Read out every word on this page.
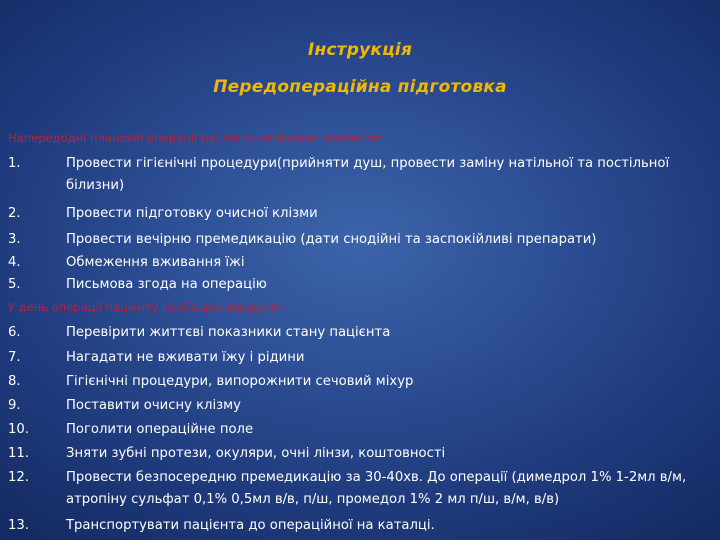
Інструкція
Передопераційна підготовка
Напередодні планової операції пацієнту необхідно провести:
1.	Провести гігієнічні процедури(прийняти душ, провести заміну натільної та постільної білизни)
2.	Провести підготовку очисної клізми
3.	Провести вечірню премедикацію (дати снодійні та заспокійливі препарати)
4.	Обмеження вживання їжі
5.	Письмова згода на операцію
У день операції пацієнту необхідно провести:
6.	Перевірити життєві показники стану пацієнта
7.	Нагадати не вживати їжу і рідини
8.	Гігієнічні процедури, випорожнити сечовий міхур
9.	Поставити очисну клізму
10.	Поголити операційне поле
11.	Зняти зубні протези, окуляри, очні лінзи, коштовності
12.	Провести безпосередню премедикацію за 30-40хв. До операції (димедрол 1% 1-2мл в/м, атропіну сульфат 0,1% 0,5мл в/в, п/ш, промедол 1% 2 мл п/ш, в/м, в/в)
13.	Транспортувати пацієнта до операційної на каталці.
